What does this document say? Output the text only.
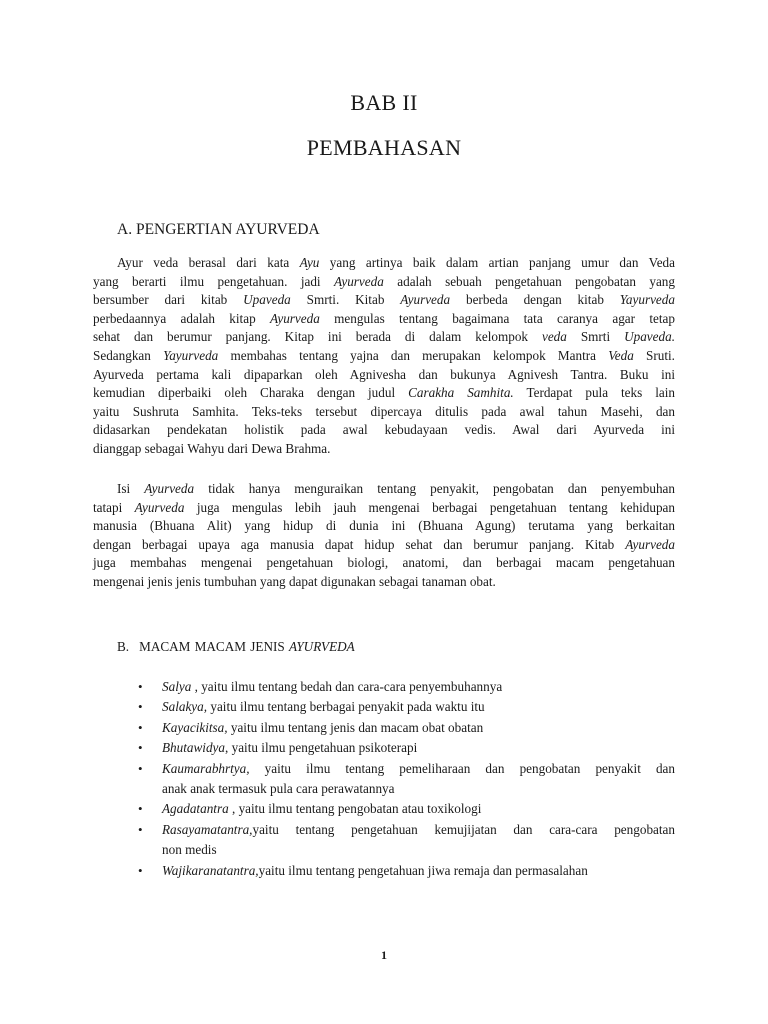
BAB II
PEMBAHASAN
A. PENGERTIAN AYURVEDA
Ayur veda berasal dari kata Ayu yang artinya baik dalam artian panjang umur dan Veda
yang berarti ilmu pengetahuan. jadi Ayurveda adalah sebuah pengetahuan pengobatan yang
bersumber dari kitab Upaveda Smrti. Kitab Ayurveda berbeda dengan kitab Yayurveda
perbedaannya adalah kitap Ayurveda mengulas tentang bagaimana tata caranya agar tetap
sehat dan berumur panjang. Kitap ini berada di dalam kelompok veda Smrti Upaveda.
Sedangkan Yayurveda membahas tentang yajna dan merupakan kelompok Mantra Veda Sruti.
Ayurveda pertama kali dipaparkan oleh Agnivesha dan bukunya Agnivesh Tantra. Buku ini
kemudian diperbaiki oleh Charaka dengan judul Carakha Samhita. Terdapat pula teks lain
yaitu Sushruta Samhita. Teks-teks tersebut dipercaya ditulis pada awal tahun Masehi, dan
didasarkan pendekatan holistik pada awal kebudayaan vedis. Awal dari Ayurveda ini
dianggap sebagai Wahyu dari Dewa Brahma.
Isi Ayurveda tidak hanya menguraikan tentang penyakit, pengobatan dan penyembuhan
tatapi Ayurveda juga mengulas lebih jauh mengenai berbagai pengetahuan tentang kehidupan
manusia (Bhuana Alit) yang hidup di dunia ini (Bhuana Agung) terutama yang berkaitan
dengan berbagai upaya aga manusia dapat hidup sehat dan berumur panjang. Kitab Ayurveda
juga membahas mengenai pengetahuan biologi, anatomi, dan berbagai macam pengetahuan
mengenai jenis jenis tumbuhan yang dapat digunakan sebagai tanaman obat.
B. MACAM MACAM JENIS AYURVEDA
• Salya , yaitu ilmu tentang bedah dan cara-cara penyembuhannya
• Salakya, yaitu ilmu tentang berbagai penyakit pada waktu itu
• Kayacikitsa, yaitu ilmu tentang jenis dan macam obat obatan
• Bhutawidya, yaitu ilmu pengetahuan psikoterapi
• Kaumarabhrtya, yaitu ilmu tentang pemeliharaan dan pengobatan penyakit dan
anak anak termasuk pula cara perawatannya
• Agadatantra , yaitu ilmu tentang pengobatan atau toxikologi
• Rasayamatantra,yaitu tentang pengetahuan kemujijatan dan cara-cara pengobatan
non medis
• Wajikaranatantra,yaitu ilmu tentang pengetahuan jiwa remaja dan permasalahan
1
